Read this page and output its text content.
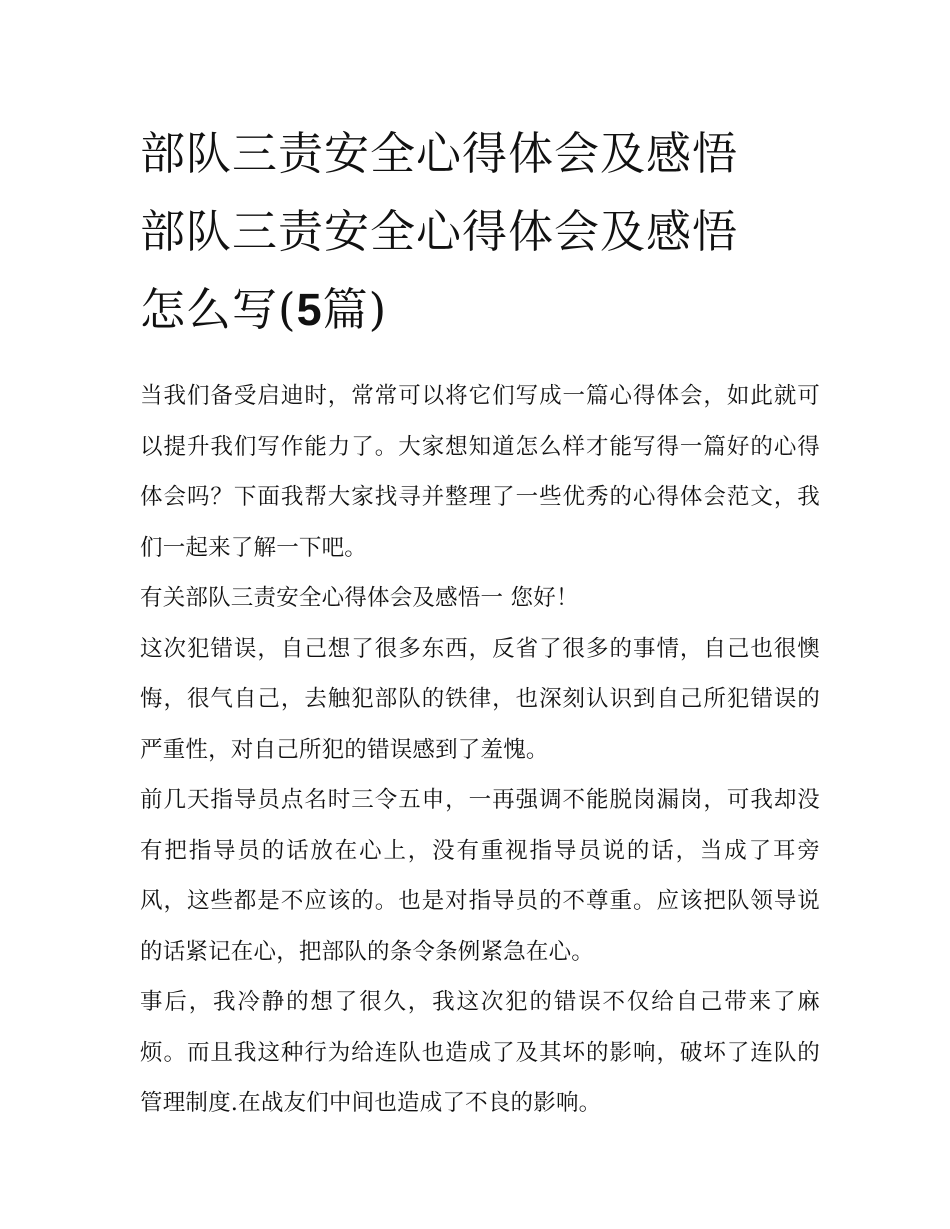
部队三责安全心得体会及感悟
部队三责安全心得体会及感悟
怎么写(5篇)

当我们备受启迪时，常常可以将它们写成一篇心得体会，如此就可以提升我们写作能力了。大家想知道怎么样才能写得一篇好的心得体会吗？下面我帮大家找寻并整理了一些优秀的心得体会范文，我们一起来了解一下吧。

有关部队三责安全心得体会及感悟一 您好！

这次犯错误，自己想了很多东西，反省了很多的事情，自己也很懊悔，很气自己，去触犯部队的铁律，也深刻认识到自己所犯错误的严重性，对自己所犯的错误感到了羞愧。

前几天指导员点名时三令五申，一再强调不能脱岗漏岗，可我却没有把指导员的话放在心上，没有重视指导员说的话，当成了耳旁风，这些都是不应该的。也是对指导员的不尊重。应该把队领导说的话紧记在心，把部队的条令条例紧急在心。

事后，我冷静的想了很久，我这次犯的错误不仅给自己带来了麻烦。而且我这种行为给连队也造成了及其坏的影响，破坏了连队的管理制度.在战友们中间也造成了不良的影响。
